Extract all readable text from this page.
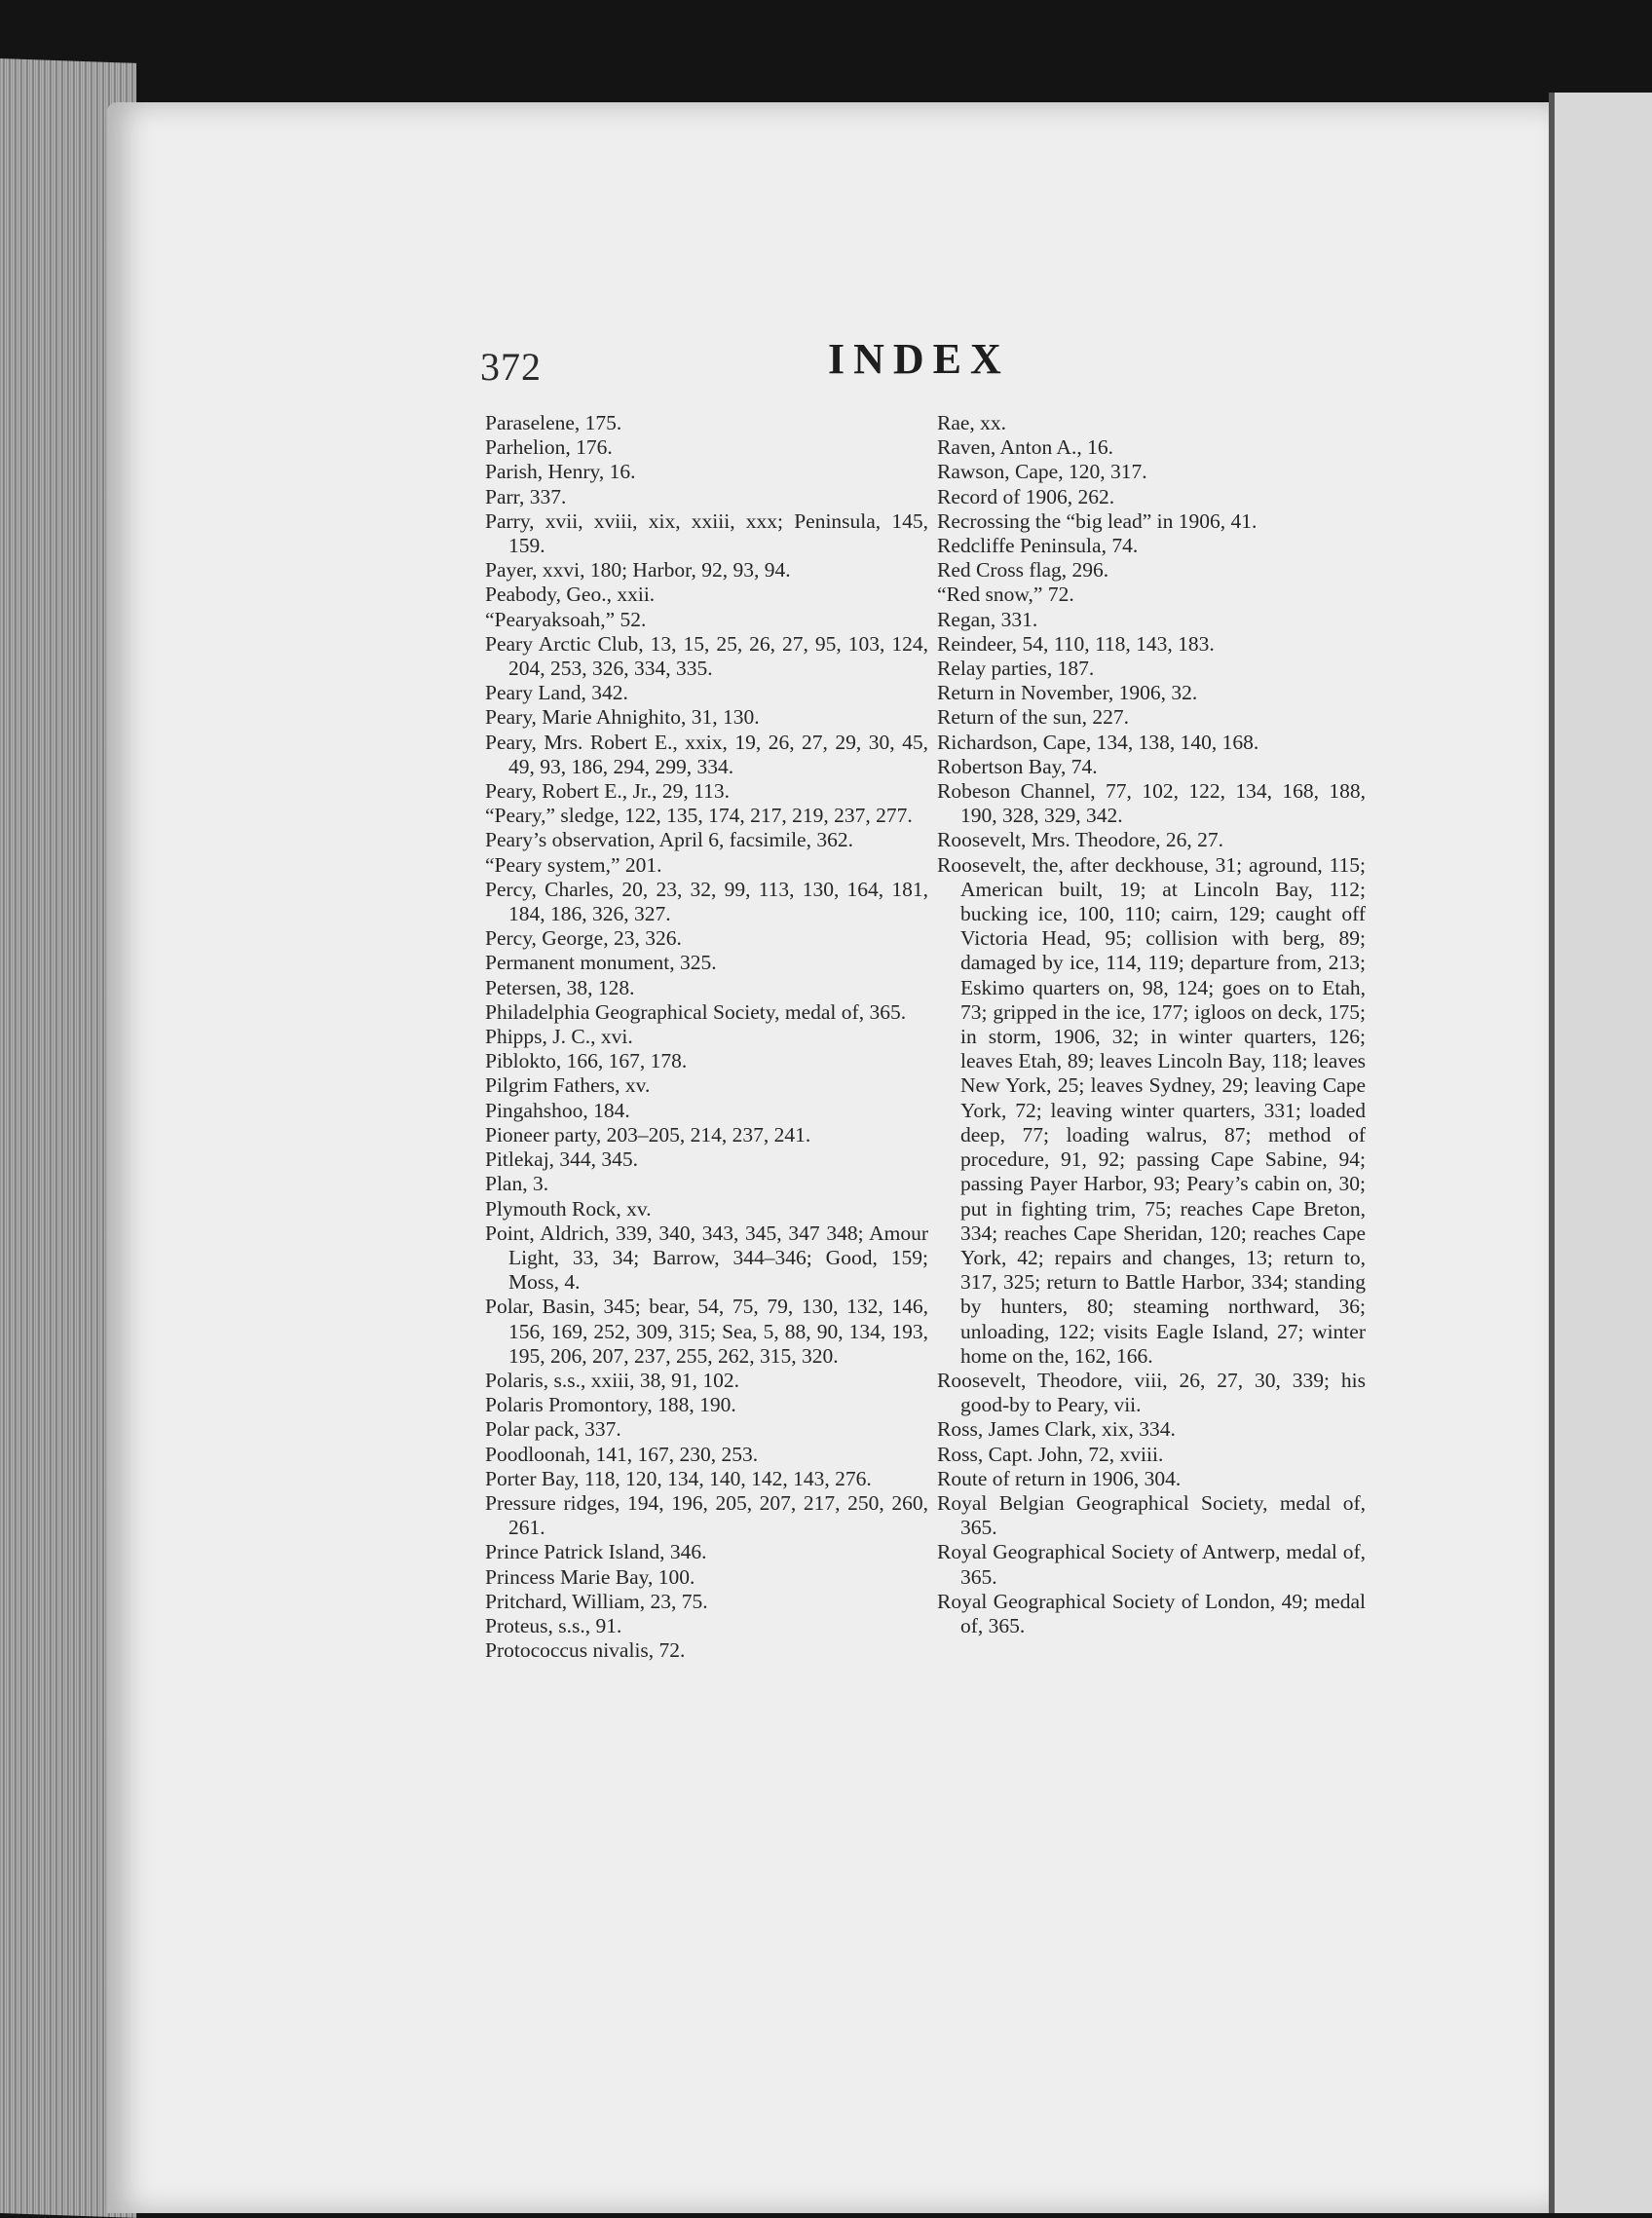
372	INDEX
Paraselene, 175.
Parhelion, 176.
Parish, Henry, 16.
Parr, 337.
Parry, xvii, xviii, xix, xxiii, xxx; Peninsula, 145, 159.
Payer, xxvi, 180; Harbor, 92, 93, 94.
Peabody, Geo., xxii.
“Pearyaksoah,” 52.
Peary Arctic Club, 13, 15, 25, 26, 27, 95, 103, 124, 204, 253, 326, 334, 335.
Peary Land, 342.
Peary, Marie Ahnighito, 31, 130.
Peary, Mrs. Robert E., xxix, 19, 26, 27, 29, 30, 45, 49, 93, 186, 294, 299, 334.
Peary, Robert E., Jr., 29, 113.
“Peary,” sledge, 122, 135, 174, 217, 219, 237, 277.
Peary’s observation, April 6, facsimile, 362.
“Peary system,” 201.
Percy, Charles, 20, 23, 32, 99, 113, 130, 164, 181, 184, 186, 326, 327.
Percy, George, 23, 326.
Permanent monument, 325.
Petersen, 38, 128.
Philadelphia Geographical Society, medal of, 365.
Phipps, J. C., xvi.
Piblokto, 166, 167, 178.
Pilgrim Fathers, xv.
Pingahshoo, 184.
Pioneer party, 203–205, 214, 237, 241.
Pitlekaj, 344, 345.
Plan, 3.
Plymouth Rock, xv.
Point, Aldrich, 339, 340, 343, 345, 347 348; Amour Light, 33, 34; Barrow, 344–346; Good, 159; Moss, 4.
Polar, Basin, 345; bear, 54, 75, 79, 130, 132, 146, 156, 169, 252, 309, 315; Sea, 5, 88, 90, 134, 193, 195, 206, 207, 237, 255, 262, 315, 320.
Polaris, s.s., xxiii, 38, 91, 102.
Polaris Promontory, 188, 190.
Polar pack, 337.
Poodloonah, 141, 167, 230, 253.
Porter Bay, 118, 120, 134, 140, 142, 143, 276.
Pressure ridges, 194, 196, 205, 207, 217, 250, 260, 261.
Prince Patrick Island, 346.
Princess Marie Bay, 100.
Pritchard, William, 23, 75.
Proteus, s.s., 91.
Protococcus nivalis, 72.
Rae, xx.
Raven, Anton A., 16.
Rawson, Cape, 120, 317.
Record of 1906, 262.
Recrossing the “big lead” in 1906, 41.
Redcliffe Peninsula, 74.
Red Cross flag, 296.
“Red snow,” 72.
Regan, 331.
Reindeer, 54, 110, 118, 143, 183.
Relay parties, 187.
Return in November, 1906, 32.
Return of the sun, 227.
Richardson, Cape, 134, 138, 140, 168.
Robertson Bay, 74.
Robeson Channel, 77, 102, 122, 134, 168, 188, 190, 328, 329, 342.
Roosevelt, Mrs. Theodore, 26, 27.
Roosevelt, the, after deckhouse, 31; aground, 115; American built, 19; at Lincoln Bay, 112; bucking ice, 100, 110; cairn, 129; caught off Victoria Head, 95; collision with berg, 89; damaged by ice, 114, 119; departure from, 213; Eskimo quarters on, 98, 124; goes on to Etah, 73; gripped in the ice, 177; igloos on deck, 175; in storm, 1906, 32; in winter quarters, 126; leaves Etah, 89; leaves Lincoln Bay, 118; leaves New York, 25; leaves Sydney, 29; leaving Cape York, 72; leaving winter quarters, 331; loaded deep, 77; loading walrus, 87; method of procedure, 91, 92; passing Cape Sabine, 94; passing Payer Harbor, 93; Peary’s cabin on, 30; put in fighting trim, 75; reaches Cape Breton, 334; reaches Cape Sheridan, 120; reaches Cape York, 42; repairs and changes, 13; return to, 317, 325; return to Battle Harbor, 334; standing by hunters, 80; steaming northward, 36; unloading, 122; visits Eagle Island, 27; winter home on the, 162, 166.
Roosevelt, Theodore, viii, 26, 27, 30, 339; his good-by to Peary, vii.
Ross, James Clark, xix, 334.
Ross, Capt. John, 72, xviii.
Route of return in 1906, 304.
Royal Belgian Geographical Society, medal of, 365.
Royal Geographical Society of Antwerp, medal of, 365.
Royal Geographical Society of London, 49; medal of, 365.
